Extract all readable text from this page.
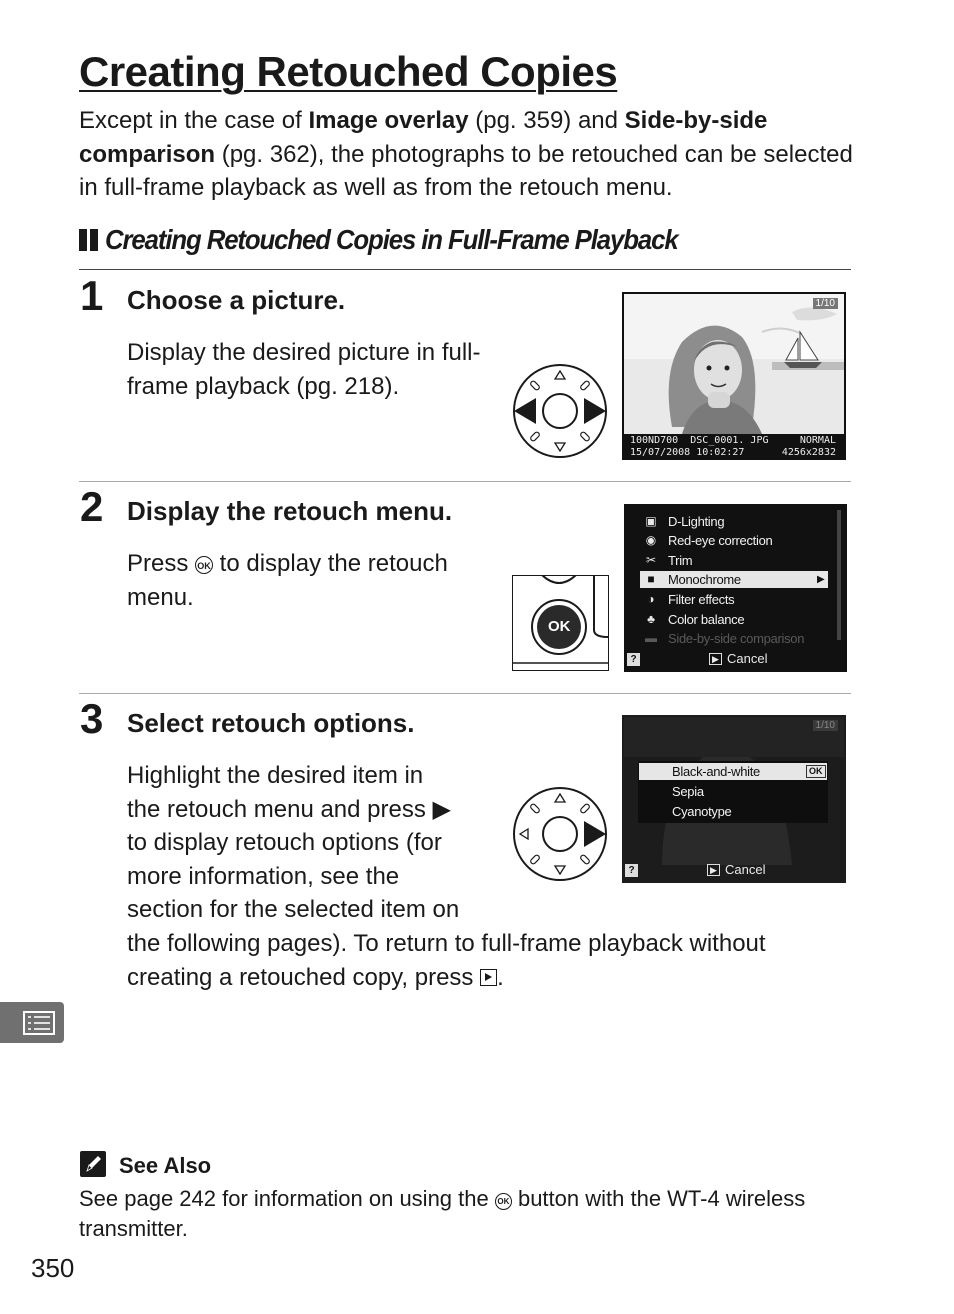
Creating Retouched Copies
Except in the case of Image overlay (pg. 359) and Side-by-side comparison (pg. 362), the photographs to be retouched can be selected in full-frame playback as well as from the retouch menu.
Creating Retouched Copies in Full-Frame Playback
1 Choose a picture.
Display the desired picture in full-frame playback (pg. 218).
1/10
100ND700 DSC_0001. JPG	NORMAL
15/07/2008 10:02:27	4256x2832
2 Display the retouch menu.
Press OK to display the retouch menu.
OK
▣ D-Lighting
◉ Red-eye correction
✂ Trim
■	Monochrome	▶
◑	Filter effects
♣	Color balance
▬ Side-by-side comparison
?	▶ Cancel
3 Select retouch options.
Highlight the desired item in
the retouch menu and press ▶
to display retouch options (for
more information, see the
section for the selected item on
the following pages). To return to full-frame playback without creating a retouched copy, press .
1/10
Black-and-white	OK
Sepia
Cyanotype
?	▶ Cancel
See Also
See page 242 for information on using the OK button with the WT-4 wireless transmitter.
350
